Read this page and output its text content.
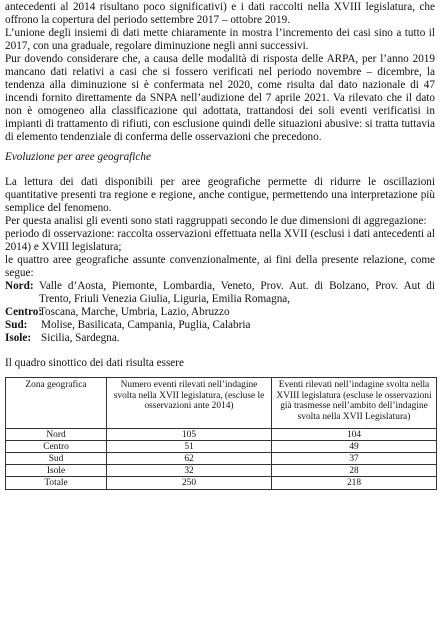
antecedenti al 2014 risultano poco significativi) e i dati raccolti nella XVIII legislatura, che offrono la copertura del periodo settembre 2017 – ottobre 2019.

L’unione degli insiemi di dati mette chiaramente in mostra l’incremento dei casi sino a tutto il 2017, con una graduale, regolare diminuzione negli anni successivi.

Pur dovendo considerare che, a causa delle modalità di risposta delle ARPA, per l’anno 2019 mancano dati relativi a casi che si fossero verificati nel periodo novembre – dicembre, la tendenza alla diminuzione si è confermata nel 2020, come risulta dal dato nazionale di 47 incendi fornito direttamente da SNPA nell’audizione del 7 aprile 2021. Va rilevato che il dato non è omogeneo alla classificazione qui adottata, trattandosi dei soli eventi verificatisi in impianti di trattamento di rifiuti, con esclusione quindi delle situazioni abusive: si tratta tuttavia di elemento tendenziale di conferma delle osservazioni che precedono.

Evoluzione per aree geografiche

La lettura dei dati disponibili per aree geografiche permette di ridurre le oscillazioni quantitative presenti tra regione e regione, anche contigue, permettendo una interpretazione più semplice del fenomeno.

Per questa analisi gli eventi sono stati raggruppati secondo le due dimensioni di aggregazione:

periodo di osservazione: raccolta osservazioni effettuata nella XVII (esclusi i dati antecedenti al 2014) e XVIII legislatura;

le quattro aree geografiche assunte convenzionalmente, ai fini della presente relazione, come segue:

Nord: Valle d’Aosta, Piemonte, Lombardia, Veneto, Prov. Aut. di Bolzano, Prov. Aut di Trento, Friuli Venezia Giulia, Liguria, Emilia Romagna,
Centro:
Toscana, Marche, Umbria, Lazio, Abruzzo
Sud:	Molise, Basilicata, Campania, Puglia, Calabria
Isole: Sicilia, Sardegna.

Il quadro sinottico dei dati risulta essere

Zona geografica	Numero eventi rilevati nell’indagine svolta nella XVII legislatura, (escluse le osservazioni ante 2014)	Eventi rilevati nell’indagine svolta nella XVIII legislatura (escluse le osservazioni già trasmesse nell’ambito dell’indagine svolta nella XVII Legislatura)
Nord	105	104
Centro	51	49
Sud	62	37
Isole	32	28
Totale	250	218
